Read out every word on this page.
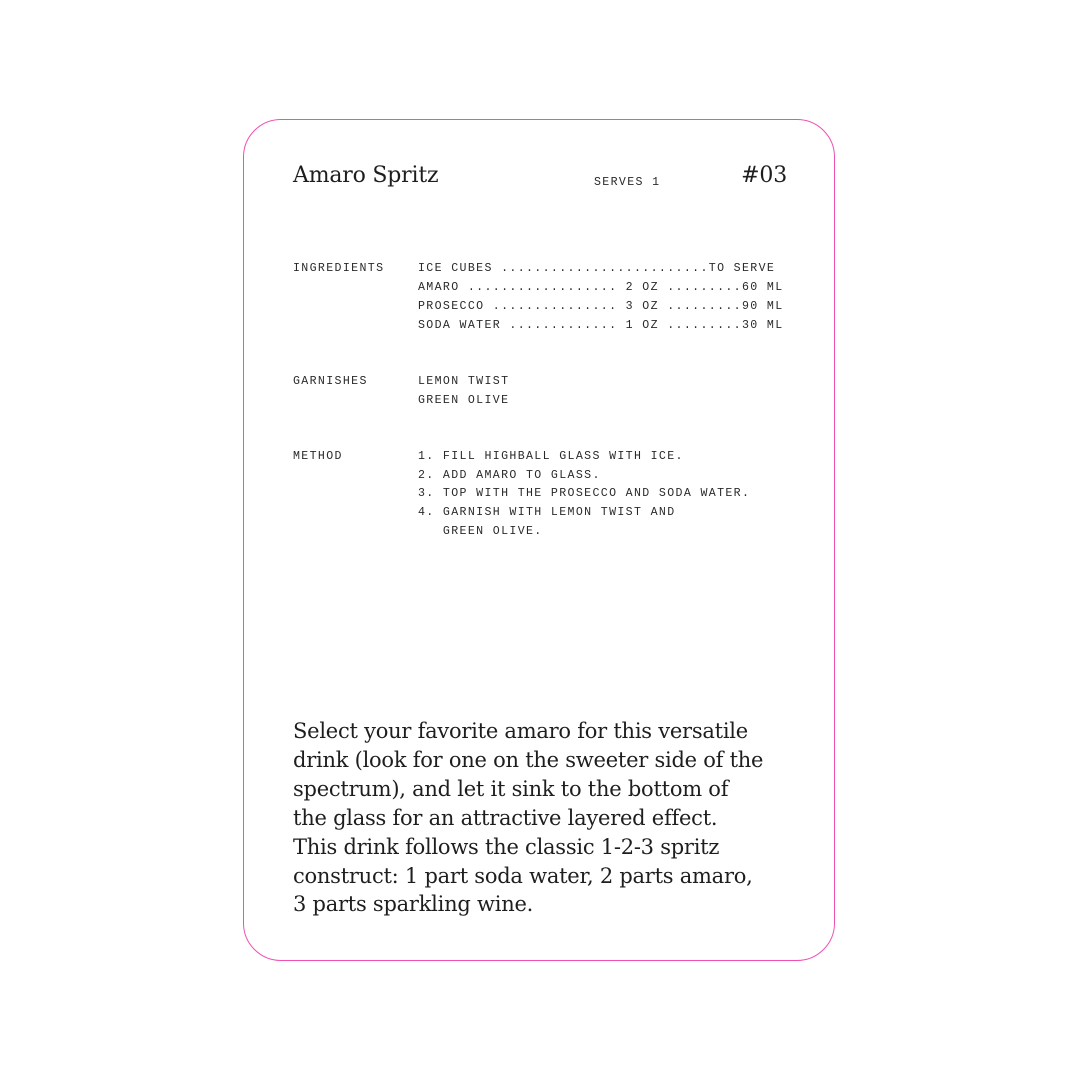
Amaro Spritz	SERVES 1	#03
INGREDIENTS	ICE CUBES .........................TO SERVE
AMARO .................. 2 OZ .........60 ML
PROSECCO ............... 3 OZ .........90 ML
SODA WATER ............. 1 OZ .........30 ML
GARNISHES	LEMON TWIST
GREEN OLIVE
METHOD	1. FILL HIGHBALL GLASS WITH ICE.
2. ADD AMARO TO GLASS.
3. TOP WITH THE PROSECCO AND SODA WATER.
4. GARNISH WITH LEMON TWIST AND
GREEN OLIVE.

Select your favorite amaro for this versatile

drink (look for one on the sweeter side of the

spectrum), and let it sink to the bottom of

the glass for an attractive layered effect.

This drink follows the classic 1-2-3 spritz

construct: 1 part soda water, 2 parts amaro,

3 parts sparkling wine.
